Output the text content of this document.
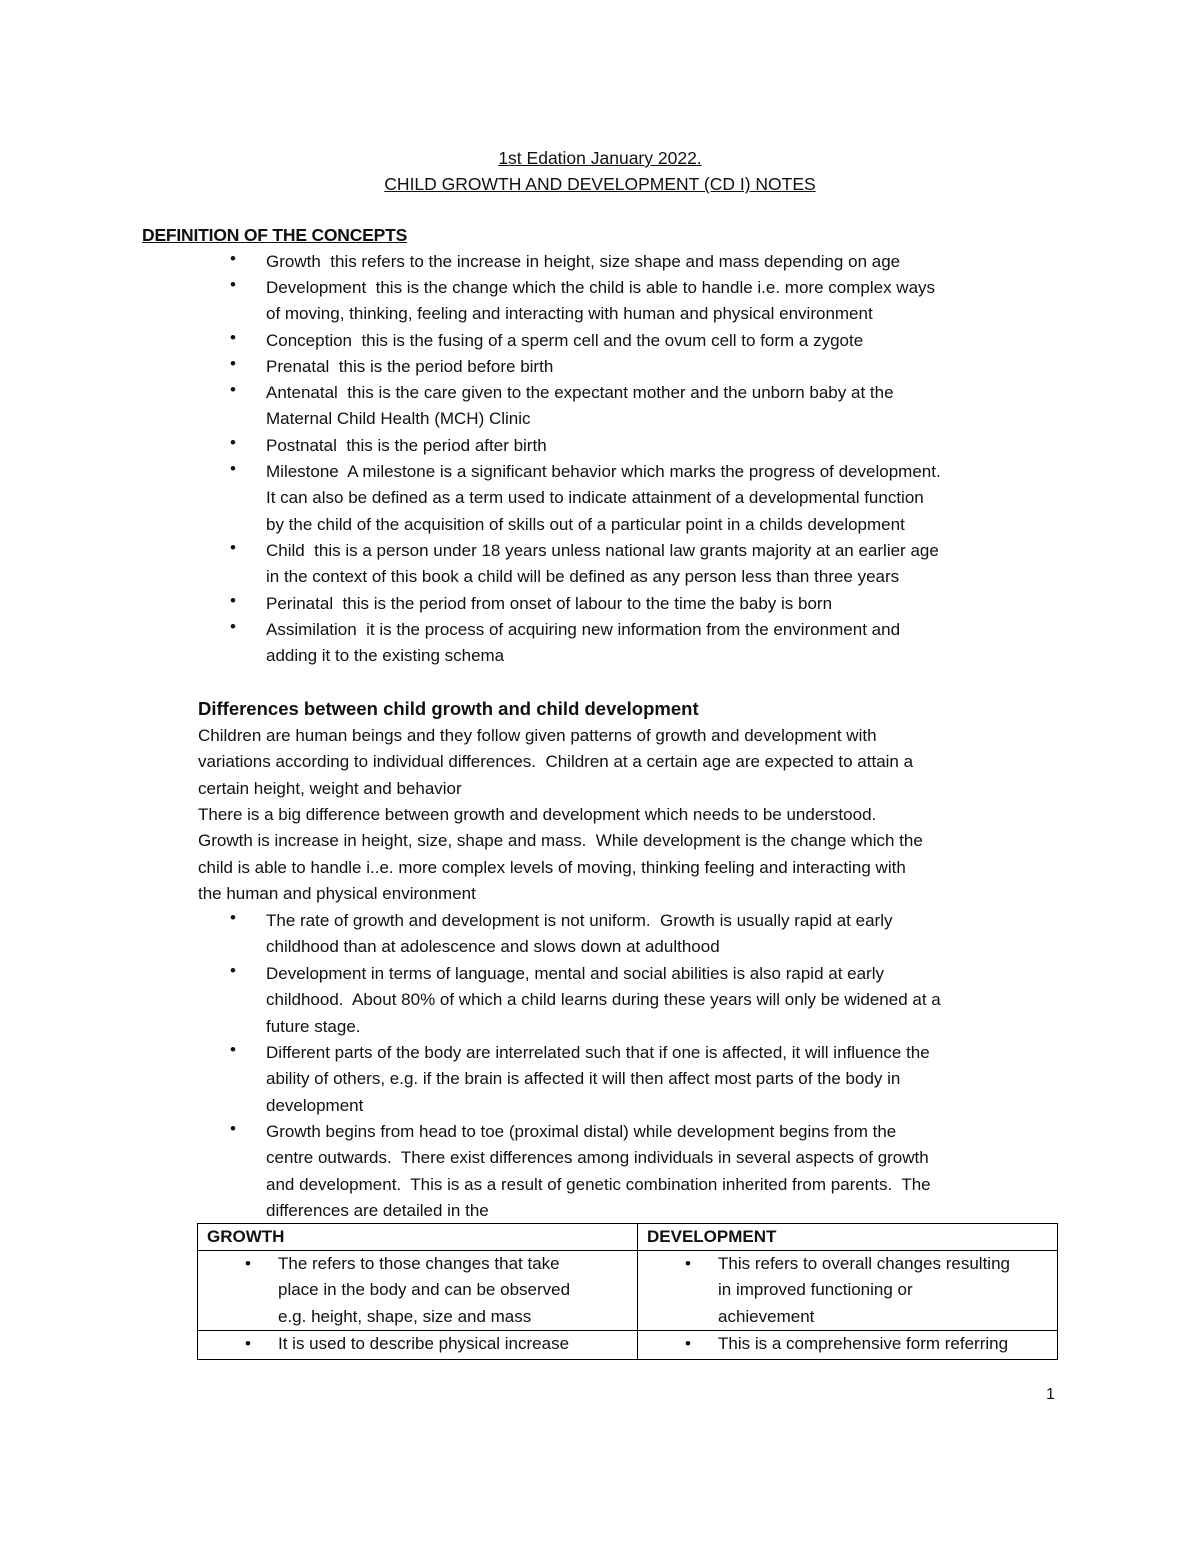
1st Edation January 2022.
CHILD GROWTH AND DEVELOPMENT (CD I) NOTES
DEFINITION OF THE CONCEPTS
• Growth  this refers to the increase in height, size shape and mass depending on age
• Development  this is the change which the child is able to handle i.e. more complex ways
of moving, thinking, feeling and interacting with human and physical environment
• Conception  this is the fusing of a sperm cell and the ovum cell to form a zygote
• Prenatal  this is the period before birth
• Antenatal  this is the care given to the expectant mother and the unborn baby at the
Maternal Child Health (MCH) Clinic
• Postnatal  this is the period after birth
• Milestone  A milestone is a significant behavior which marks the progress of development.
It can also be defined as a term used to indicate attainment of a developmental function
by the child of the acquisition of skills out of a particular point in a childs development
• Child  this is a person under 18 years unless national law grants majority at an earlier age
in the context of this book a child will be defined as any person less than three years
• Perinatal  this is the period from onset of labour to the time the baby is born
• Assimilation  it is the process of acquiring new information from the environment and
adding it to the existing schema
Differences between child growth and child development
Children are human beings and they follow given patterns of growth and development with
variations according to individual differences.  Children at a certain age are expected to attain a
certain height, weight and behavior
There is a big difference between growth and development which needs to be understood.
Growth is increase in height, size, shape and mass.  While development is the change which the
child is able to handle i..e. more complex levels of moving, thinking feeling and interacting with
the human and physical environment
• The rate of growth and development is not uniform.  Growth is usually rapid at early
childhood than at adolescence and slows down at adulthood
• Development in terms of language, mental and social abilities is also rapid at early
childhood.  About 80% of which a child learns during these years will only be widened at a
future stage.
• Different parts of the body are interrelated such that if one is affected, it will influence the
ability of others, e.g. if the brain is affected it will then affect most parts of the body in
development
• Growth begins from head to toe (proximal distal) while development begins from the
centre outwards.  There exist differences among individuals in several aspects of growth
and development.  This is as a result of genetic combination inherited from parents.  The
differences are detailed in the
GROWTH	DEVELOPMENT

• The refers to those changes that take
place in the body and can be observed
e.g. height, shape, size and mass	• This refers to overall changes resulting
in improved functioning or
achievement

• It is used to describe physical increase	• This is a comprehensive form referring
1
